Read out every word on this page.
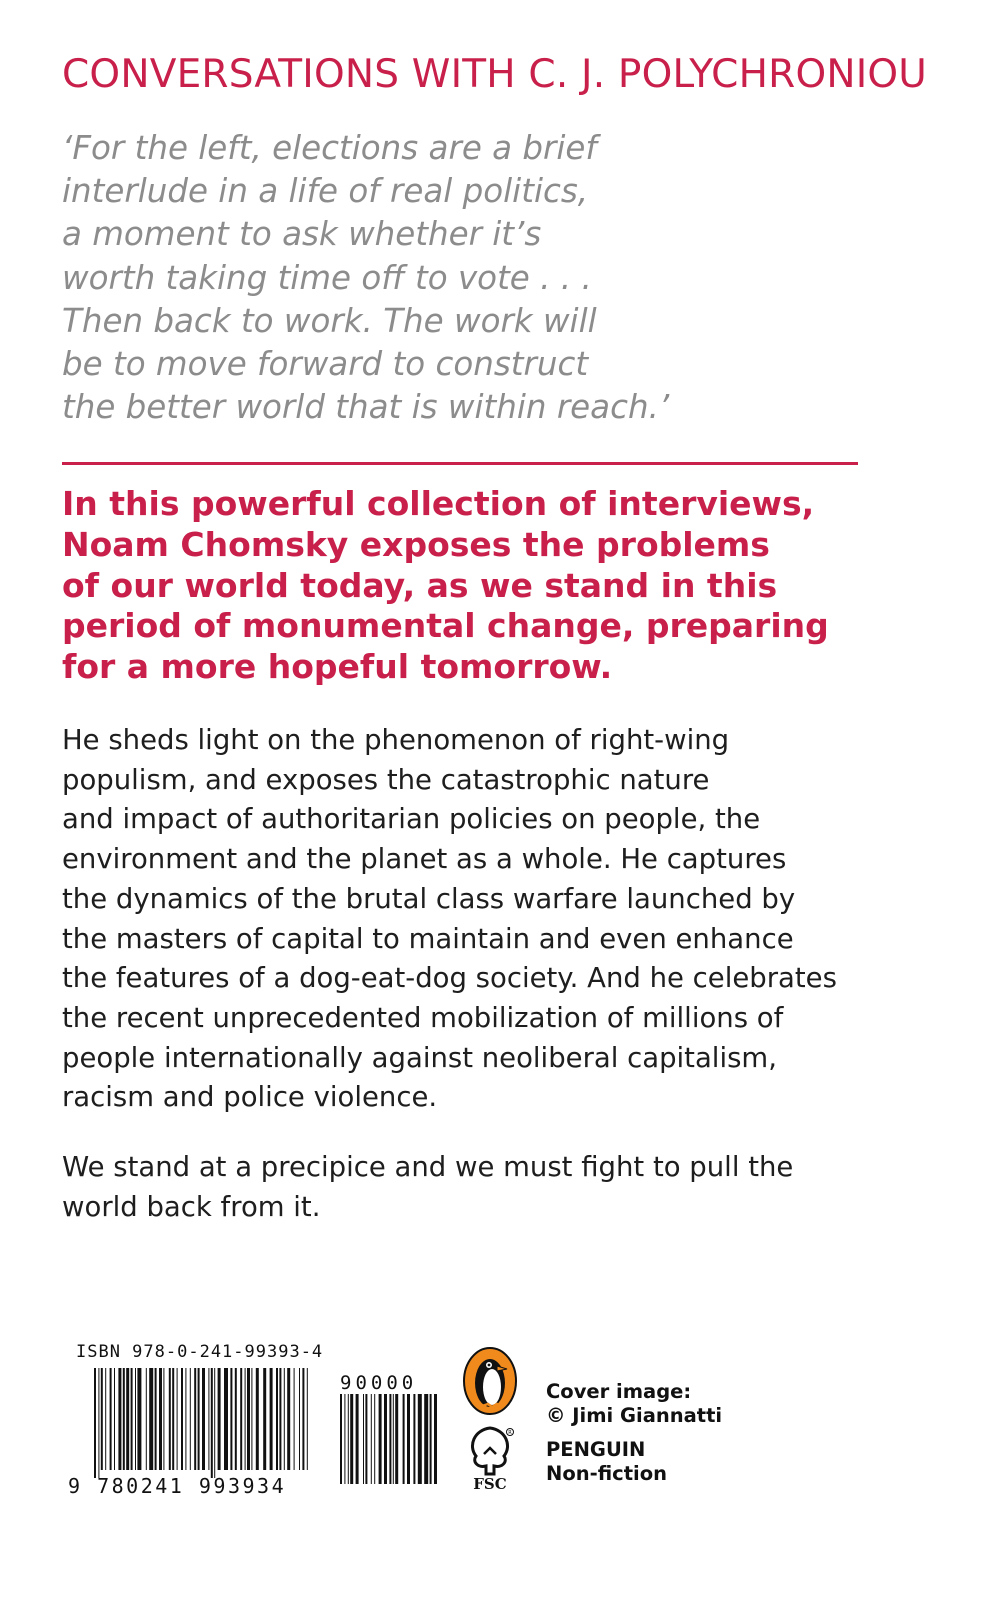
CONVERSATIONS WITH C. J. POLYCHRONIOU
‘For the left, elections are a brief
interlude in a life of real politics,
a moment to ask whether it’s
worth taking time off to vote . . .
Then back to work. The work will
be to move forward to construct
the better world that is within reach.’
In this powerful collection of interviews,
Noam Chomsky exposes the problems
of our world today, as we stand in this
period of monumental change, preparing
for a more hopeful tomorrow.
He sheds light on the phenomenon of right-wing
populism, and exposes the catastrophic nature
and impact of authoritarian policies on people, the
environment and the planet as a whole. He captures
the dynamics of the brutal class warfare launched by
the masters of capital to maintain and even enhance
the features of a dog-eat-dog society. And he celebrates
the recent unprecedented mobilization of millions of
people internationally against neoliberal capitalism,
racism and police violence.
We stand at a precipice and we must fight to pull the
world back from it.
ISBN 978-0-241-99393-4
9 780241 993934
90000
R
FSC
Cover image:
© Jimi Giannatti
PENGUIN
Non-fiction
